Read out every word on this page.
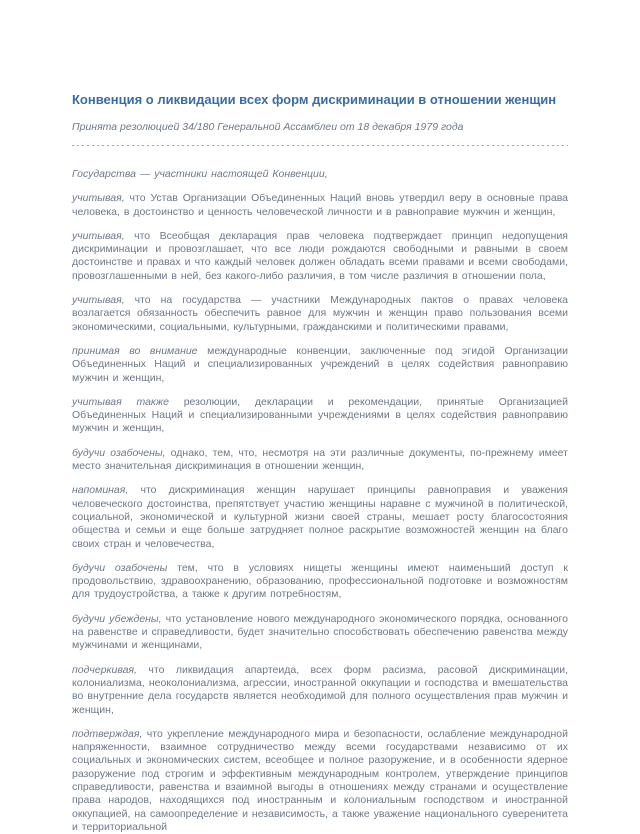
Конвенция о ликвидации всех форм дискриминации в отношении женщин
Принята резолюцией 34/180 Генеральной Ассамблеи от 18 декабря 1979 года

Государства — участники настоящей Конвенции,

учитывая, что Устав Организации Объединенных Наций вновь утвердил веру в основные права человека, в достоинство и ценность человеческой личности и в равноправие мужчин и женщин,

учитывая, что Всеобщая декларация прав человека подтверждает принцип недопущения дискриминации и провозглашает, что все люди рождаются свободными и равными в своем достоинстве и правах и что каждый человек должен обладать всеми правами и всеми свободами, провозглашенными в ней, без какого-либо различия, в том числе различия в отношении пола,

учитывая, что на государства — участники Международных пактов о правах человека возлагается обязанность обеспечить равное для мужчин и женщин право пользования всеми экономическими, социальными, культурными, гражданскими и политическими правами,

принимая во внимание международные конвенции, заключенные под эгидой Организации Объединенных Наций и специализированных учреждений в целях содействия равноправию мужчин и женщин,

учитывая также резолюции, декларации и рекомендации, принятые Организацией Объединенных Наций и специализированными учреждениями в целях содействия равноправию мужчин и женщин,

будучи озабочены, однако, тем, что, несмотря на эти различные документы, по-прежнему имеет место значительная дискриминация в отношении женщин,

напоминая, что дискриминация женщин нарушает принципы равноправия и уважения человеческого достоинства, препятствует участию женщины наравне с мужчиной в политической, социальной, экономической и культурной жизни своей страны, мешает росту благосостояния общества и семьи и еще больше затрудняет полное раскрытие возможностей женщин на благо своих стран и человечества,

будучи озабочены тем, что в условиях нищеты женщины имеют наименьший доступ к продовольствию, здравоохранению, образованию, профессиональной подготовке и возможностям для трудоустройства, а также к другим потребностям,

будучи убеждены, что установление нового международного экономического порядка, основанного на равенстве и справедливости, будет значительно способствовать обеспечению равенства между мужчинами и женщинами,

подчеркивая, что ликвидация апартеида, всех форм расизма, расовой дискриминации, колониализма, неоколониализма, агрессии, иностранной оккупации и господства и вмешательства во внутренние дела государств является необходимой для полного осуществления прав мужчин и женщин,

подтверждая, что укрепление международного мира и безопасности, ослабление международной напряженности, взаимное сотрудничество между всеми государствами независимо от их социальных и экономических систем, всеобщее и полное разоружение, и в особенности ядерное разоружение под строгим и эффективным международным контролем, утверждение принципов справедливости, равенства и взаимной выгоды в отношениях между странами и осуществление права народов, находящихся под иностранным и колониальным господством и иностранной оккупацией, на самоопределение и независимость, а также уважение национального суверенитета и территориальной
